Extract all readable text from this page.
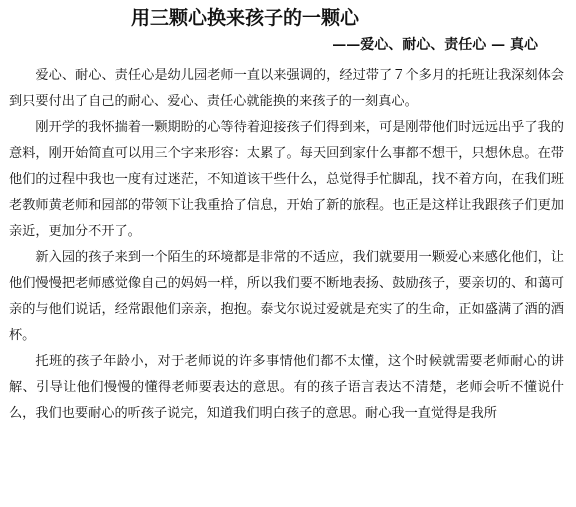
用三颗心换来孩子的一颗心
——爱心、耐心、责任心 — 真心

爱心、耐心、责任心是幼儿园老师一直以来强调的，经过带了７个多月的托班让我深刻体会到只要付出了自己的耐心、爱心、责任心就能换的来孩子的一刻真心。

刚开学的我怀揣着一颗期盼的心等待着迎接孩子们得到来，可是刚带他们时远远出乎了我的意料，刚开始简直可以用三个字来形容：太累了。每天回到家什么事都不想干，只想休息。在带他们的过程中我也一度有过迷茫，不知道该干些什么，总觉得手忙脚乱，找不着方向，在我们班老教师黄老师和园部的带领下让我重拾了信息，开始了新的旅程。也正是这样让我跟孩子们更加亲近，更加分不开了。

新入园的孩子来到一个陌生的环境都是非常的不适应，我们就要用一颗爱心来感化他们，让他们慢慢把老师感觉像自己的妈妈一样，所以我们要不断地表扬、鼓励孩子，要亲切的、和蔼可亲的与他们说话，经常跟他们亲亲，抱抱。泰戈尔说过爱就是充实了的生命，正如盛满了酒的酒杯。

托班的孩子年龄小，对于老师说的许多事情他们都不太懂，这个时候就需要老师耐心的讲解、引导让他们慢慢的懂得老师要表达的意思。有的孩子语言表达不清楚，老师会听不懂说什么，我们也要耐心的听孩子说完，知道我们明白孩子的意思。耐心我一直觉得是我所
